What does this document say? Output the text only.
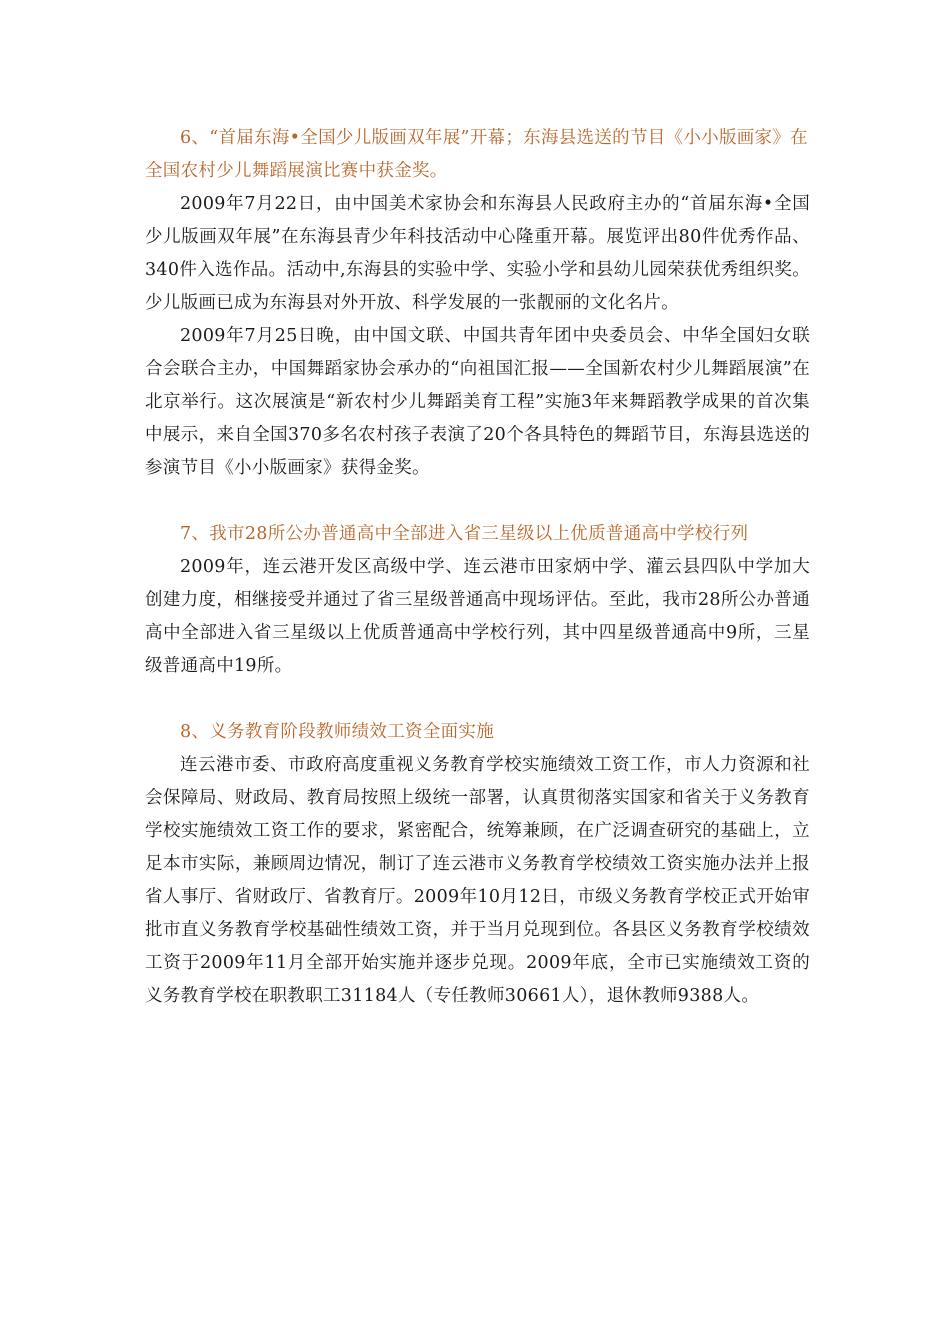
6、“首届东海•全国少儿版画双年展”开幕；东海县选送的节目《小小版画家》在全国农村少儿舞蹈展演比赛中获金奖。

2009年7月22日，由中国美术家协会和东海县人民政府主办的“首届东海•全国少儿版画双年展”在东海县青少年科技活动中心隆重开幕。展览评出80件优秀作品、340件入选作品。活动中,东海县的实验中学、实验小学和县幼儿园荣获优秀组织奖。少儿版画已成为东海县对外开放、科学发展的一张靓丽的文化名片。

2009年7月25日晚，由中国文联、中国共青年团中央委员会、中华全国妇女联合会联合主办，中国舞蹈家协会承办的“向祖国汇报——全国新农村少儿舞蹈展演”在北京举行。这次展演是“新农村少儿舞蹈美育工程”实施3年来舞蹈教学成果的首次集中展示，来自全国370多名农村孩子表演了20个各具特色的舞蹈节目，东海县选送的参演节目《小小版画家》获得金奖。

7、我市28所公办普通高中全部进入省三星级以上优质普通高中学校行列

2009年，连云港开发区高级中学、连云港市田家炳中学、灌云县四队中学加大创建力度，相继接受并通过了省三星级普通高中现场评估。至此，我市28所公办普通高中全部进入省三星级以上优质普通高中学校行列，其中四星级普通高中9所，三星级普通高中19所。

8、义务教育阶段教师绩效工资全面实施

连云港市委、市政府高度重视义务教育学校实施绩效工资工作，市人力资源和社会保障局、财政局、教育局按照上级统一部署，认真贯彻落实国家和省关于义务教育学校实施绩效工资工作的要求，紧密配合，统筹兼顾，在广泛调查研究的基础上，立足本市实际，兼顾周边情况，制订了连云港市义务教育学校绩效工资实施办法并上报省人事厅、省财政厅、省教育厅。2009年10月12日，市级义务教育学校正式开始审批市直义务教育学校基础性绩效工资，并于当月兑现到位。各县区义务教育学校绩效工资于2009年11月全部开始实施并逐步兑现。2009年底，全市已实施绩效工资的义务教育学校在职教职工31184人（专任教师30661人），退休教师9388人。
